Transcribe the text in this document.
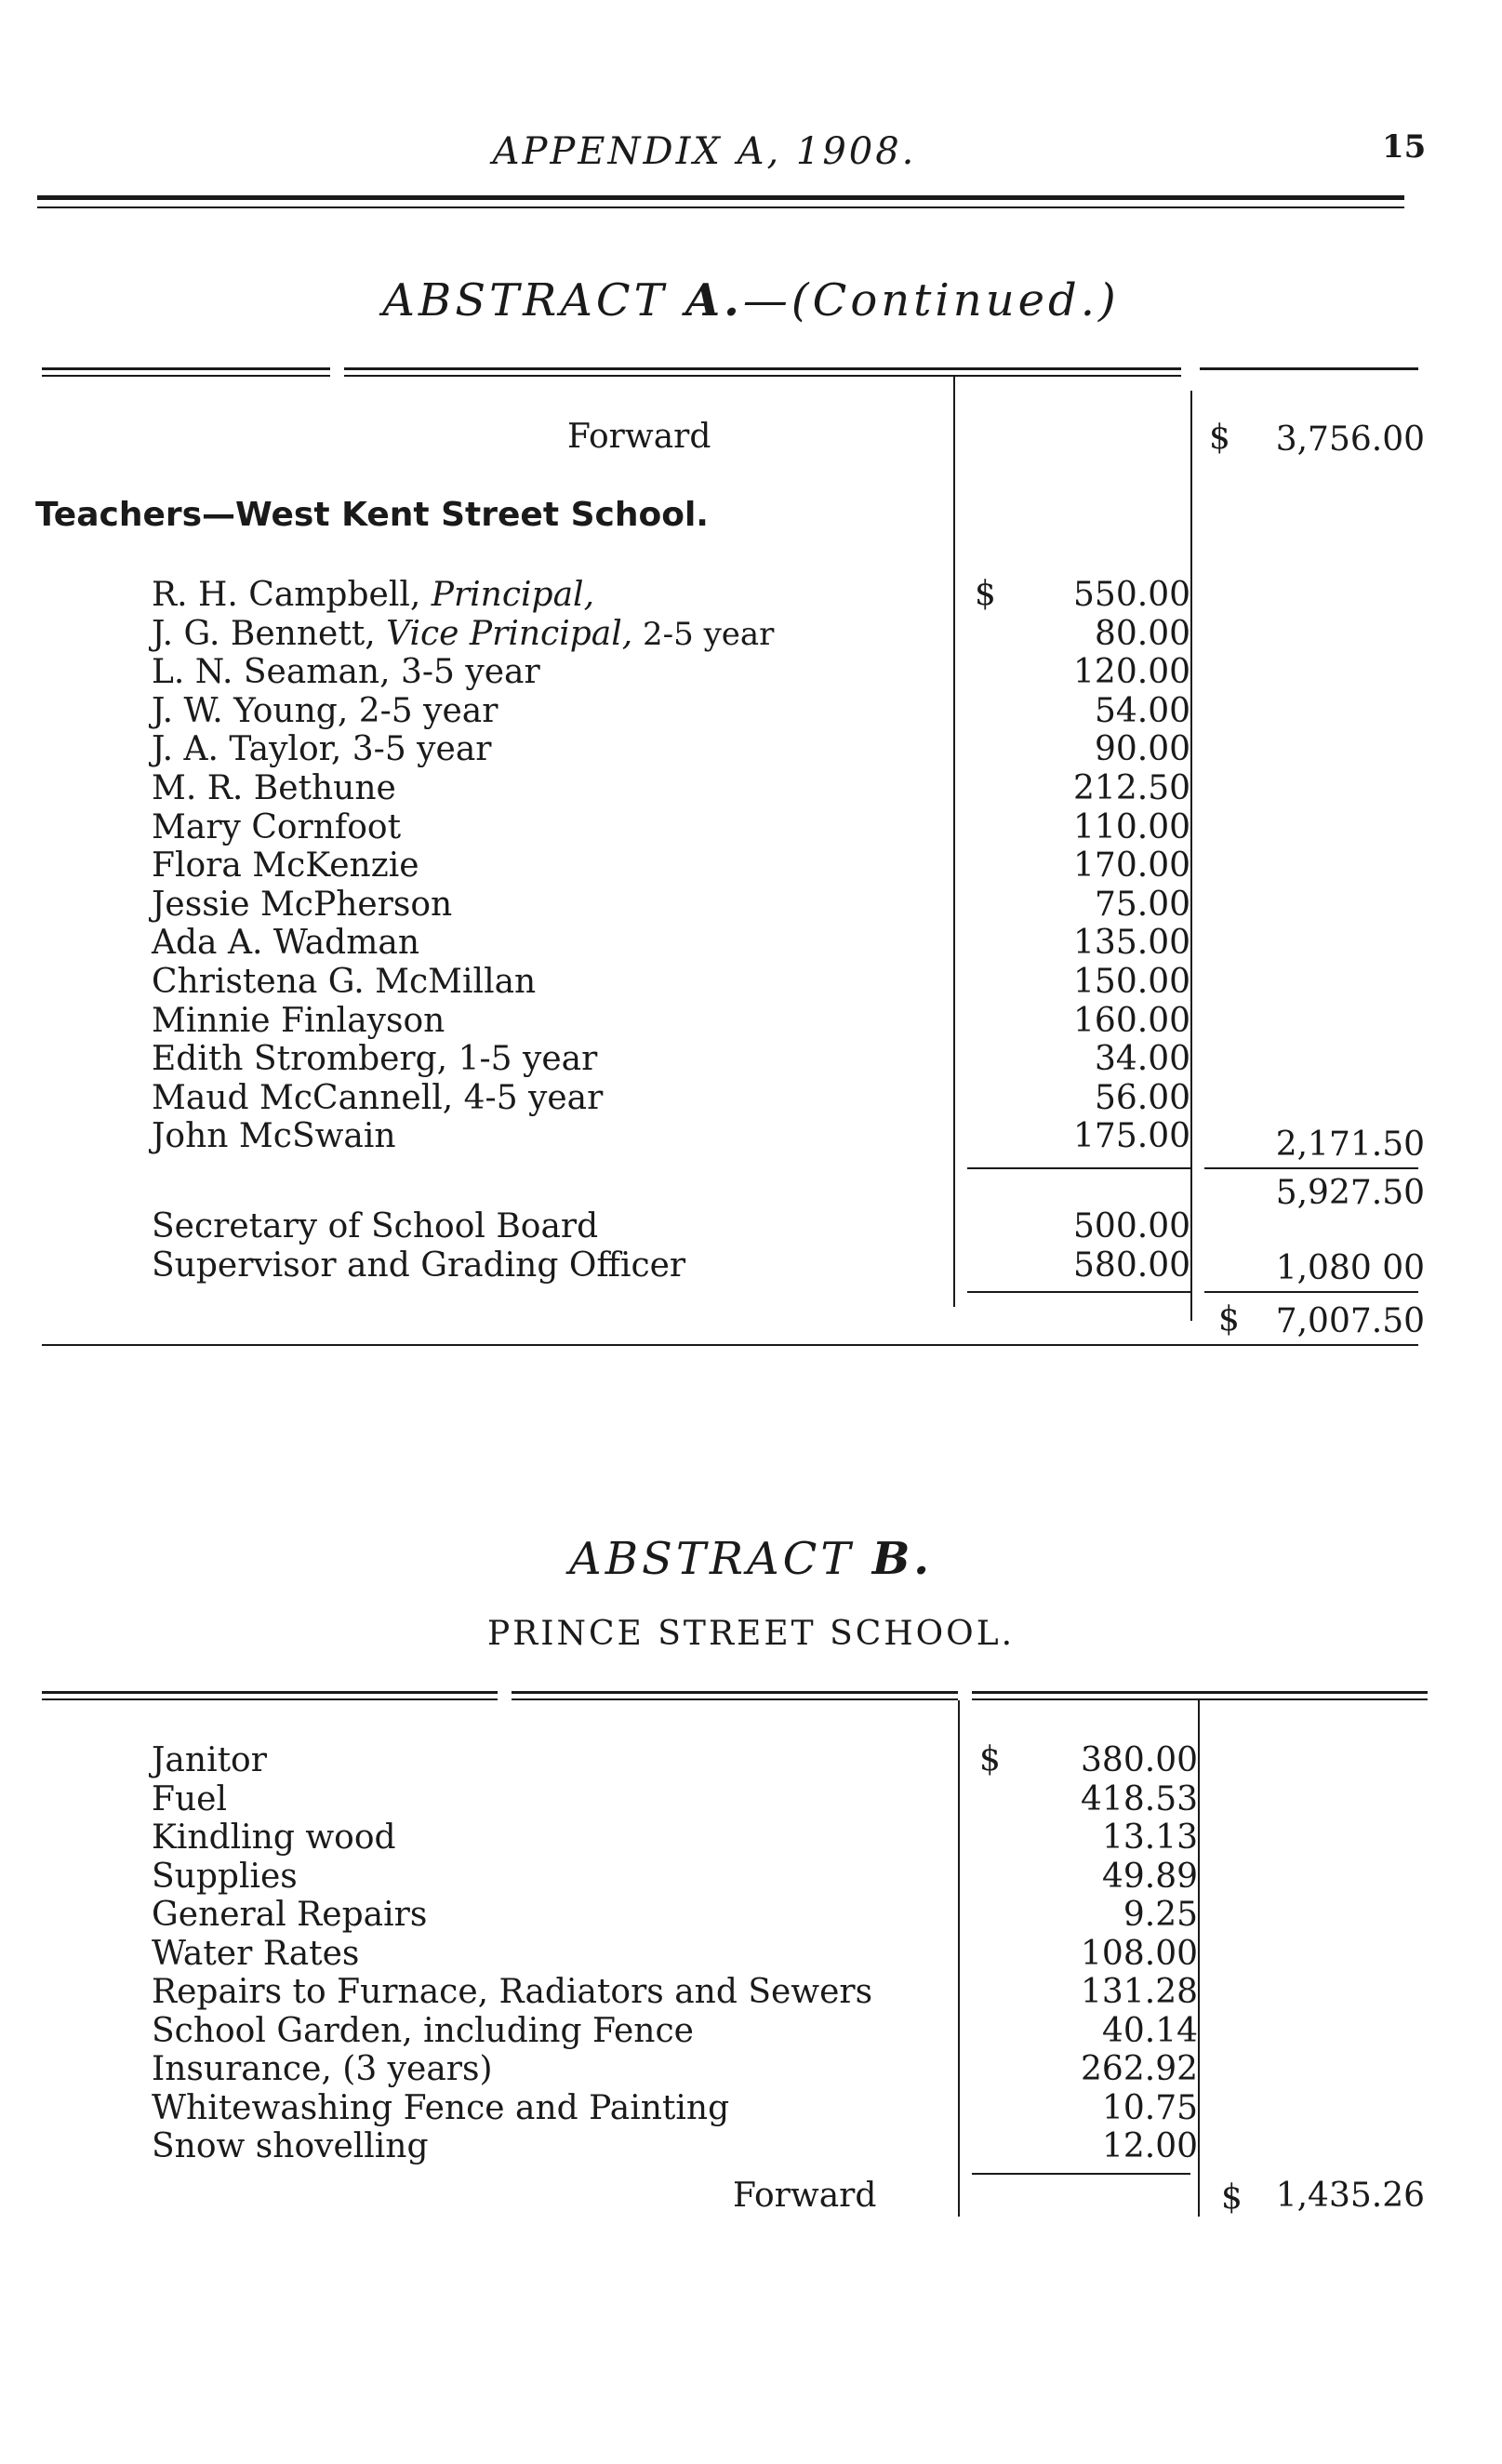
APPENDIX A, 1908.	15
ABSTRACT A.—(Continued.)
Forward	$ 3,756.00
Teachers—West Kent Street School.
$
R. H. Campbell, Principal,	550.00
J. G. Bennett, Vice Principal, 2-5 year	80.00
L. N. Seaman, 3-5 year	120.00
J. W. Young, 2-5 year	54.00
J. A. Taylor, 3-5 year	90.00
M. R. Bethune	212.50
Mary Cornfoot	110.00
Flora McKenzie	170.00
Jessie McPherson	75.00
Ada A. Wadman	135.00
Christena G. McMillan	150.00
Minnie Finlayson	160.00
Edith Stromberg, 1-5 year	34.00
Maud McCannell, 4-5 year	56.00
John McSwain	175.00	2,171.50
5,927.50
Secretary of School Board	500.00
Supervisor and Grading Officer	580.00	1,080 00
$ 7,007.50
ABSTRACT B.
PRINCE STREET SCHOOL.
$
Janitor	380.00
Fuel	418.53
Kindling wood	13.13
Supplies	49.89
General Repairs	9.25
Water Rates	108.00
Repairs to Furnace, Radiators and Sewers	131.28
School Garden, including Fence	40.14
Insurance, (3 years)	262.92
Whitewashing Fence and Painting	10.75
Snow shovelling	12.00
Forward	$ 1,435.26
